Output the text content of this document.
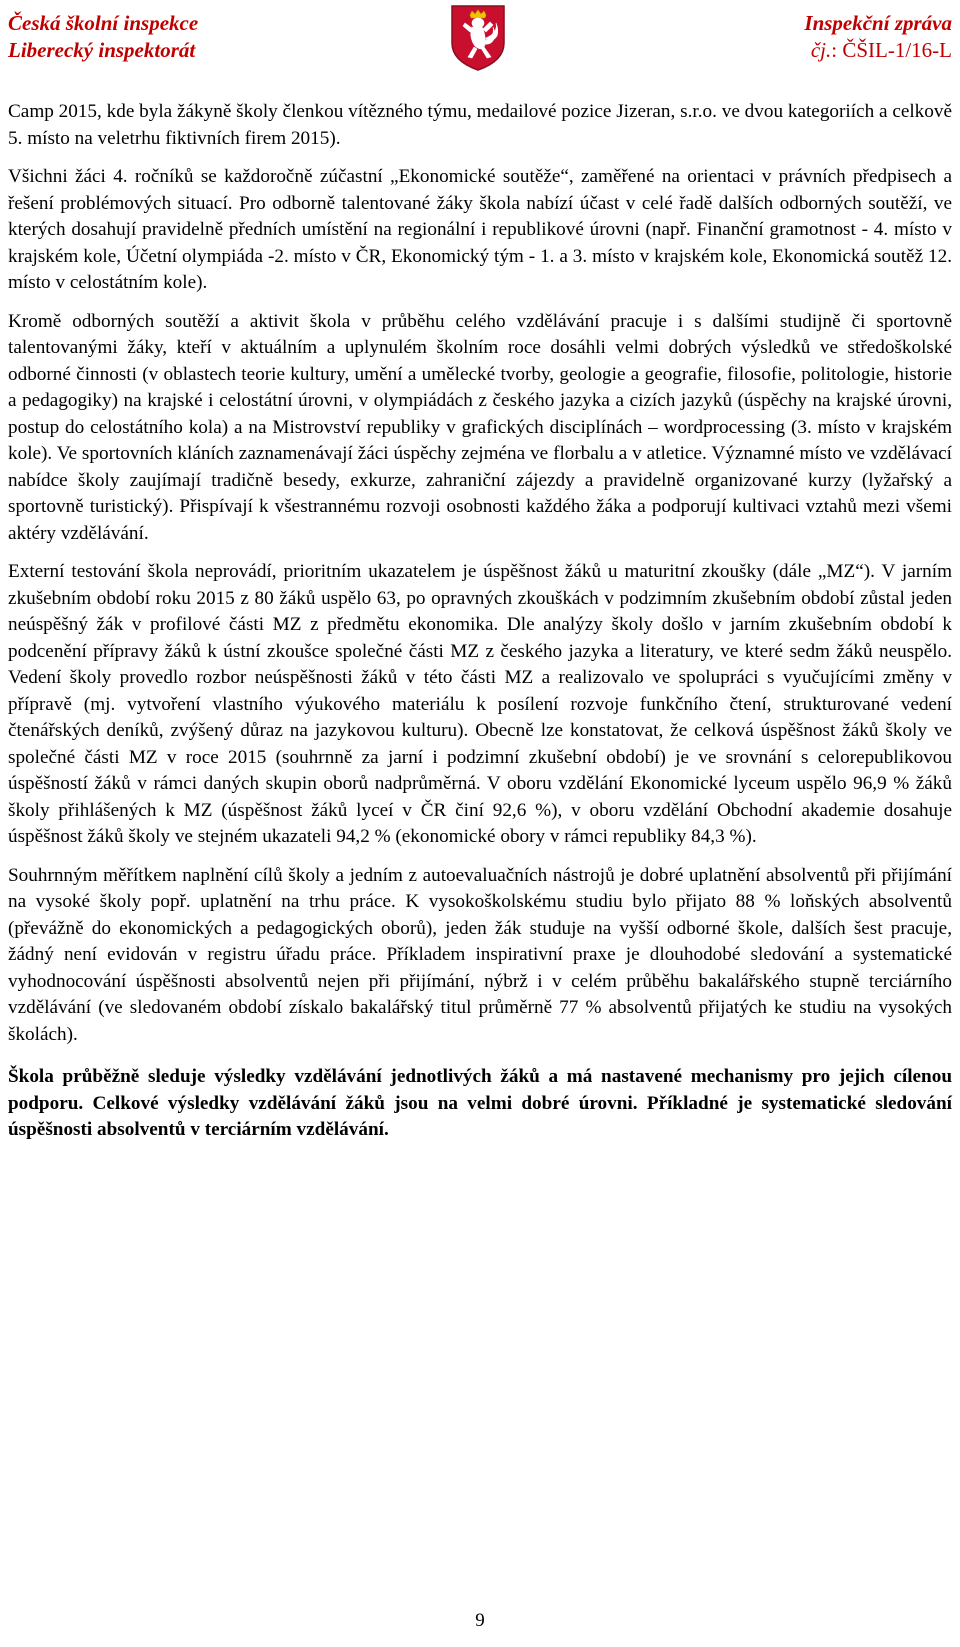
Česká školní inspekce
Liberecký inspektorát
Inspekční zpráva
čj.: ČŠIL-1/16-L

Camp 2015, kde byla žákyně školy členkou vítězného týmu, medailové pozice Jizeran, s.r.o. ve dvou kategoriích a celkově 5. místo na veletrhu fiktivních firem 2015).

Všichni žáci 4. ročníků se každoročně zúčastní „Ekonomické soutěže“, zaměřené na orientaci v právních předpisech a řešení problémových situací. Pro odborně talentované žáky škola nabízí účast v celé řadě dalších odborných soutěží, ve kterých dosahují pravidelně předních umístění na regionální i republikové úrovni (např. Finanční gramotnost - 4. místo v krajském kole, Účetní olympiáda -2. místo v ČR, Ekonomický tým - 1. a 3. místo v krajském kole, Ekonomická soutěž 12. místo v celostátním kole).

Kromě odborných soutěží a aktivit škola v průběhu celého vzdělávání pracuje i s dalšími studijně či sportovně talentovanými žáky, kteří v aktuálním a uplynulém školním roce dosáhli velmi dobrých výsledků ve středoškolské odborné činnosti (v oblastech teorie kultury, umění a umělecké tvorby, geologie a geografie, filosofie, politologie, historie a pedagogiky) na krajské i celostátní úrovni, v olympiádách z českého jazyka a cizích jazyků (úspěchy na krajské úrovni, postup do celostátního kola) a na Mistrovství republiky v grafických disciplínách – wordprocessing (3. místo v krajském kole). Ve sportovních kláních zaznamenávají žáci úspěchy zejména ve florbalu a v atletice. Významné místo ve vzdělávací nabídce školy zaujímají tradičně besedy, exkurze, zahraniční zájezdy a pravidelně organizované kurzy (lyžařský a sportovně turistický). Přispívají k všestrannému rozvoji osobnosti každého žáka a podporují kultivaci vztahů mezi všemi aktéry vzdělávání.

Externí testování škola neprovádí, prioritním ukazatelem je úspěšnost žáků u maturitní zkoušky (dále „MZ“). V jarním zkušebním období roku 2015 z 80 žáků uspělo 63, po opravných zkouškách v podzimním zkušebním období zůstal jeden neúspěšný žák v profilové části MZ z předmětu ekonomika. Dle analýzy školy došlo v jarním zkušebním období k podcenění přípravy žáků k ústní zkoušce společné části MZ z českého jazyka a literatury, ve které sedm žáků neuspělo. Vedení školy provedlo rozbor neúspěšnosti žáků v této části MZ a realizovalo ve spolupráci s vyučujícími změny v přípravě (mj. vytvoření vlastního výukového materiálu k posílení rozvoje funkčního čtení, strukturované vedení čtenářských deníků, zvýšený důraz na jazykovou kulturu). Obecně lze konstatovat, že celková úspěšnost žáků školy ve společné části MZ v roce 2015 (souhrnně za jarní i podzimní zkušební období) je ve srovnání s celorepublikovou úspěšností žáků v rámci daných skupin oborů nadprůměrná. V oboru vzdělání Ekonomické lyceum uspělo 96,9 % žáků školy přihlášených k MZ (úspěšnost žáků lyceí v ČR činí 92,6 %), v oboru vzdělání Obchodní akademie dosahuje úspěšnost žáků školy ve stejném ukazateli 94,2 % (ekonomické obory v rámci republiky 84,3 %).

Souhrnným měřítkem naplnění cílů školy a jedním z autoevaluačních nástrojů je dobré uplatnění absolventů při přijímání na vysoké školy popř. uplatnění na trhu práce. K vysokoškolskému studiu bylo přijato 88 % loňských absolventů (převážně do ekonomických a pedagogických oborů), jeden žák studuje na vyšší odborné škole, dalších šest pracuje, žádný není evidován v registru úřadu práce. Příkladem inspirativní praxe je dlouhodobé sledování a systematické vyhodnocování úspěšnosti absolventů nejen při přijímání, nýbrž i v celém průběhu bakalářského stupně terciárního vzdělávání (ve sledovaném období získalo bakalářský titul průměrně 77 % absolventů přijatých ke studiu na vysokých školách).

Škola průběžně sleduje výsledky vzdělávání jednotlivých žáků a má nastavené mechanismy pro jejich cílenou podporu. Celkové výsledky vzdělávání žáků jsou na velmi dobré úrovni. Příkladné je systematické sledování úspěšnosti absolventů v terciárním vzdělávání.

9
